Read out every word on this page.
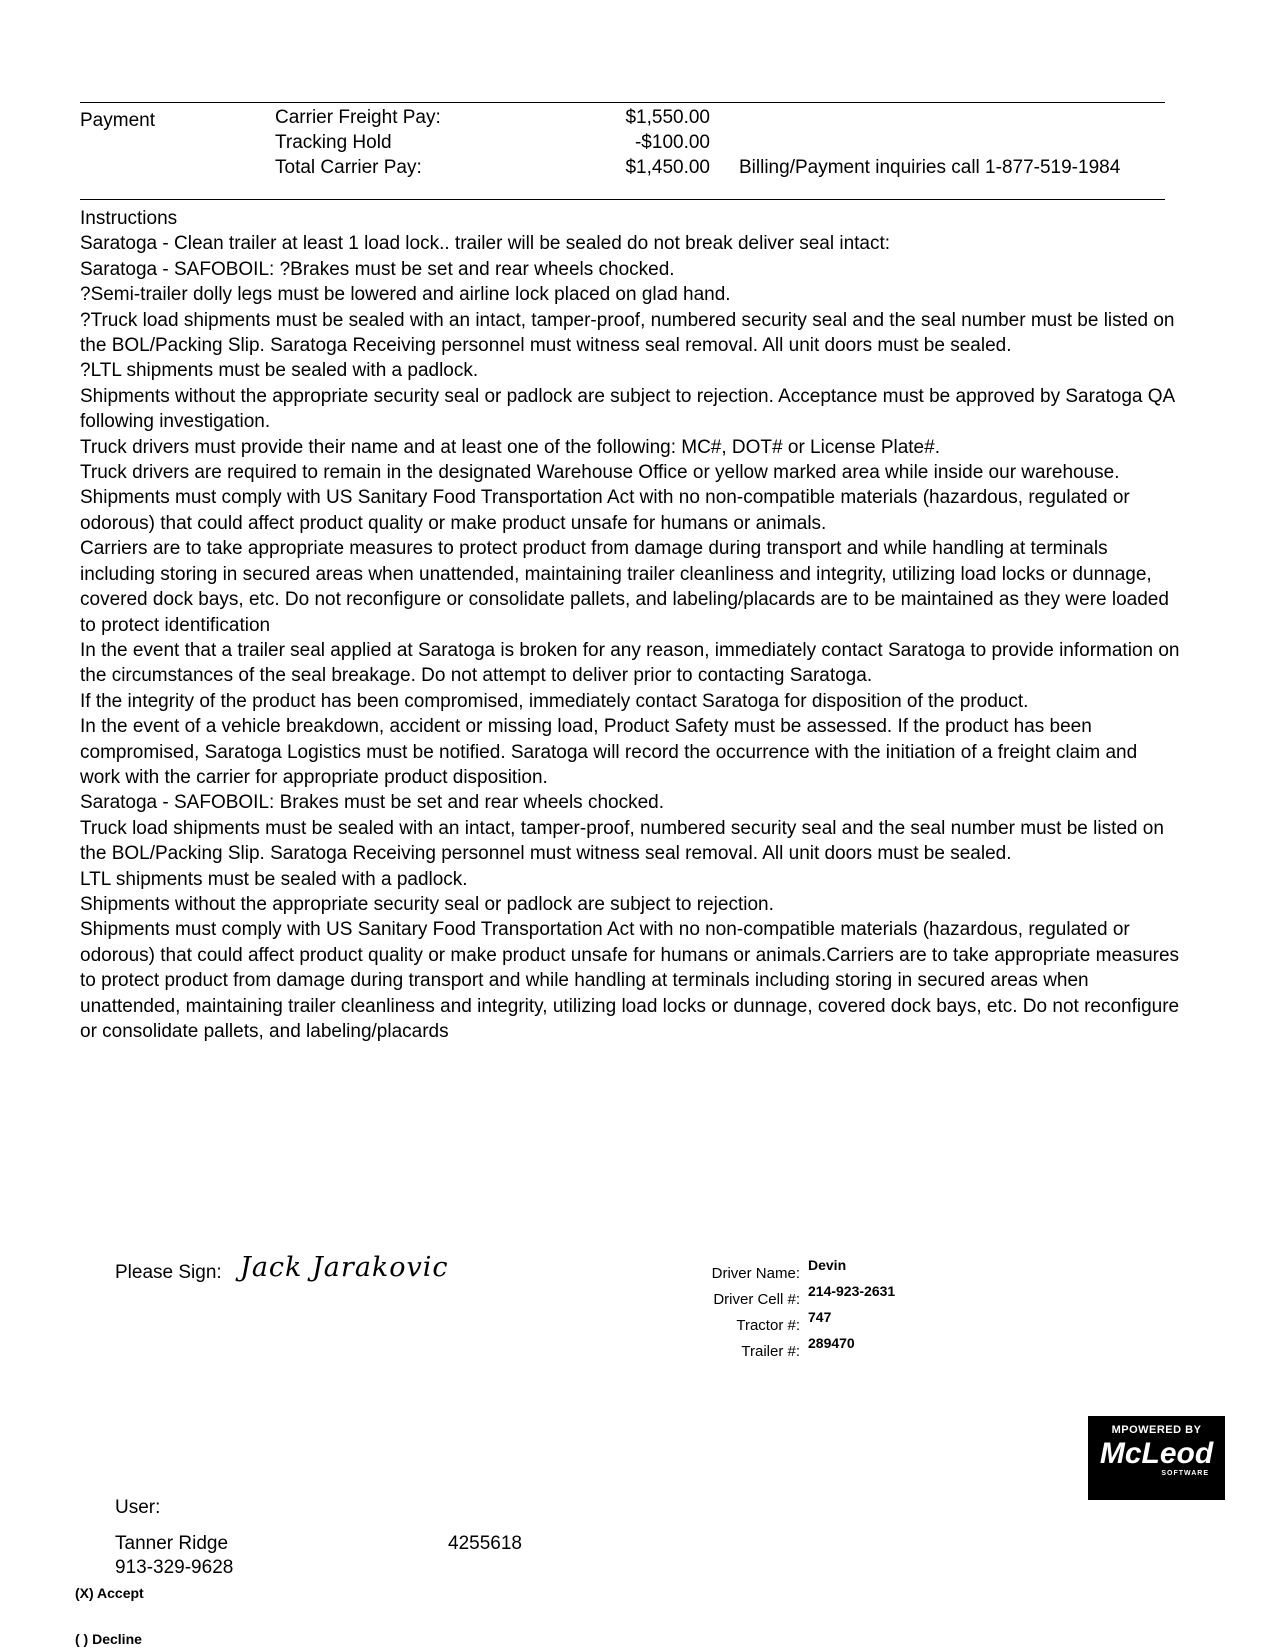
Payment	Carrier Freight Pay:	$1,550.00
Tracking Hold	-$100.00
Total Carrier Pay:	$1,450.00 Billing/Payment inquiries call 1-877-519-1984

Instructions

Saratoga - Clean trailer at least 1 load lock.. trailer will be sealed do not break deliver seal intact:

Saratoga - SAFOBOIL: ?Brakes must be set and rear wheels chocked.

?Semi-trailer dolly legs must be lowered and airline lock placed on glad hand.

?Truck load shipments must be sealed with an intact, tamper-proof, numbered security seal and the seal number must be listed on the BOL/Packing Slip. Saratoga Receiving personnel must witness seal removal. All unit doors must be sealed.

?LTL shipments must be sealed with a padlock.

Shipments without the appropriate security seal or padlock are subject to rejection. Acceptance must be approved by Saratoga QA following investigation.

Truck drivers must provide their name and at least one of the following: MC#, DOT# or License Plate#.

Truck drivers are required to remain in the designated Warehouse Office or yellow marked area while inside our warehouse.

Shipments must comply with US Sanitary Food Transportation Act with no non-compatible materials (hazardous, regulated or odorous) that could affect product quality or make product unsafe for humans or animals.

Carriers are to take appropriate measures to protect product from damage during transport and while handling at terminals including storing in secured areas when unattended, maintaining trailer cleanliness and integrity, utilizing load locks or dunnage, covered dock bays, etc. Do not reconfigure or consolidate pallets, and labeling/placards are to be maintained as they were loaded to protect identification

In the event that a trailer seal applied at Saratoga is broken for any reason, immediately contact Saratoga to provide information on the circumstances of the seal breakage. Do not attempt to deliver prior to contacting Saratoga.

If the integrity of the product has been compromised, immediately contact Saratoga for disposition of the product.

In the event of a vehicle breakdown, accident or missing load, Product Safety must be assessed. If the product has been compromised, Saratoga Logistics must be notified. Saratoga will record the occurrence with the initiation of a freight claim and work with the carrier for appropriate product disposition.

Saratoga - SAFOBOIL: Brakes must be set and rear wheels chocked.

Truck load shipments must be sealed with an intact, tamper-proof, numbered security seal and the seal number must be listed on the BOL/Packing Slip. Saratoga Receiving personnel must witness seal removal. All unit doors must be sealed.

LTL shipments must be sealed with a padlock.

Shipments without the appropriate security seal or padlock are subject to rejection.

Shipments must comply with US Sanitary Food Transportation Act with no non-compatible materials (hazardous, regulated or odorous) that could affect product quality or make product unsafe for humans or animals.Carriers are to take appropriate measures to protect product from damage during transport and while handling at terminals including storing in secured areas when unattended, maintaining trailer cleanliness and integrity, utilizing load locks or dunnage, covered dock bays, etc. Do not reconfigure or consolidate pallets, and labeling/placards

Please Sign: Jack Jarakovic	Driver Name: Devin
Driver Cell #: 214-923-2631
Tractor #: 747
Trailer #: 289470
MPOWERED BY
McLeod
SOFTWARE
User:
Tanner Ridge	4255618
913-329-9628
(X) Accept
( ) Decline
